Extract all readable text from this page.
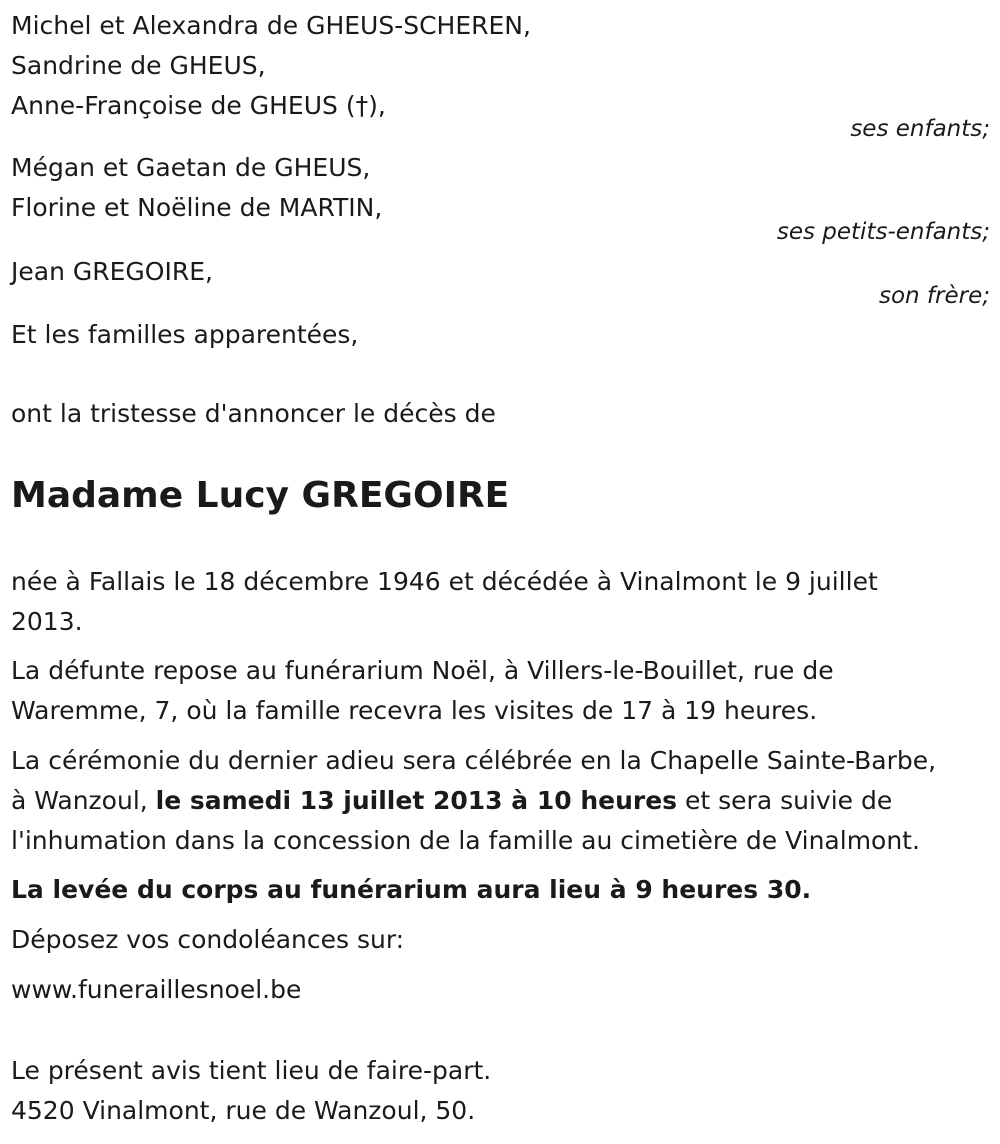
Michel et Alexandra de GHEUS-SCHEREN,
Sandrine de GHEUS,
Anne-Françoise de GHEUS (†),
ses enfants;
Mégan et Gaetan de GHEUS,
Florine et Noëline de MARTIN,
ses petits-enfants;
Jean GREGOIRE,
son frère;
Et les familles apparentées,
ont la tristesse d'annoncer le décès de
Madame Lucy GREGOIRE
née à Fallais le 18 décembre 1946 et décédée à Vinalmont le 9 juillet
2013.
La défunte repose au funérarium Noël, à Villers-le-Bouillet, rue de
Waremme, 7, où la famille recevra les visites de 17 à 19 heures.
La cérémonie du dernier adieu sera célébrée en la Chapelle Sainte-Barbe,
à Wanzoul, le samedi 13 juillet 2013 à 10 heures et sera suivie de
l'inhumation dans la concession de la famille au cimetière de Vinalmont.
La levée du corps au funérarium aura lieu à 9 heures 30.
Déposez vos condoléances sur:
www.funeraillesnoel.be
Le présent avis tient lieu de faire-part.
4520 Vinalmont, rue de Wanzoul, 50.
